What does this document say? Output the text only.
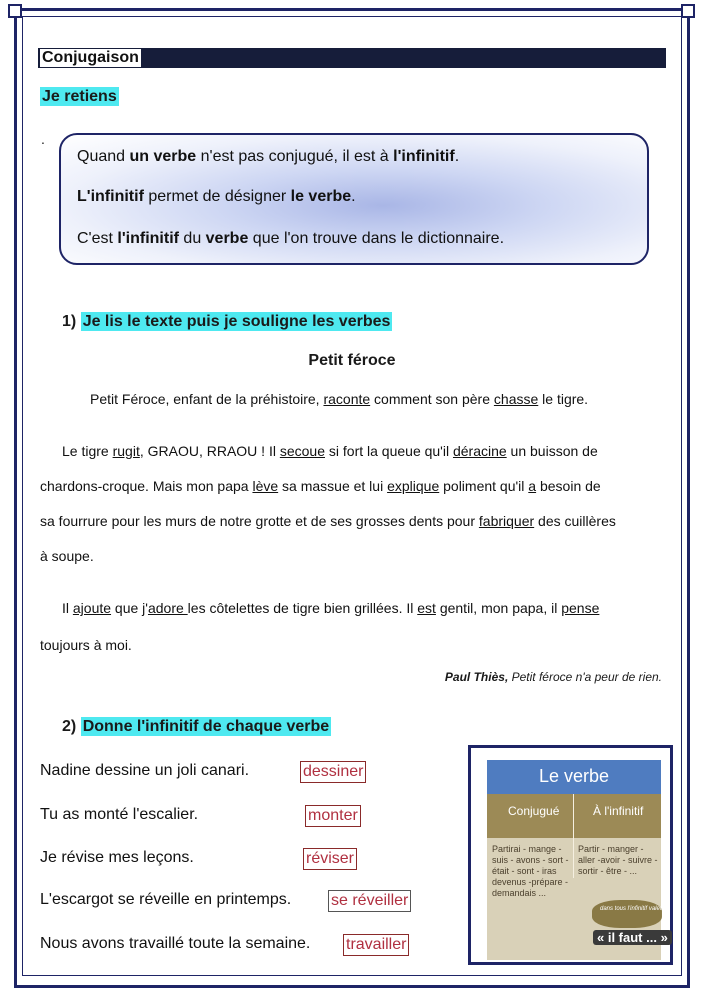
Conjugaison
Je retiens
.
Quand un verbe n'est pas conjugué, il est à l'infinitif.
L'infinitif permet de désigner le verbe.
C'est l'infinitif du verbe que l'on trouve dans le dictionnaire.
1) Je lis le texte puis je souligne les verbes
Petit féroce
Petit Féroce, enfant de la préhistoire, raconte comment son père chasse le tigre.
Le tigre rugit, GRAOU, RRAOU ! Il secoue si fort la queue qu'il déracine un buisson de
chardons-croque. Mais mon papa lève sa massue et lui explique poliment qu'il a besoin de
sa fourrure pour les murs de notre grotte et de ses grosses dents pour fabriquer des cuillères
à soupe.
Il ajoute que j'adore les côtelettes de tigre bien grillées. Il est gentil, mon papa, il pense
toujours à moi.
Paul Thiès, Petit féroce n'a peur de rien.
2) Donne l'infinitif de chaque verbe
Nadine dessine un joli canari.	dessiner
Tu as monté l'escalier.	monter
Je révise mes leçons.	réviser
L'escargot se réveille en printemps. se réveiller
Nous avons travaillé toute la semaine. travailler
Le verbe
Conjugué	À l'infinitif
Partirai - mange - suis - avons - sort - était - sont - iras devenus -prépare - demandais ...
Partir - manger - aller -avoir - suivre - sortir - être - ...
dans tous l'infinitif valeur
« il faut ... »
